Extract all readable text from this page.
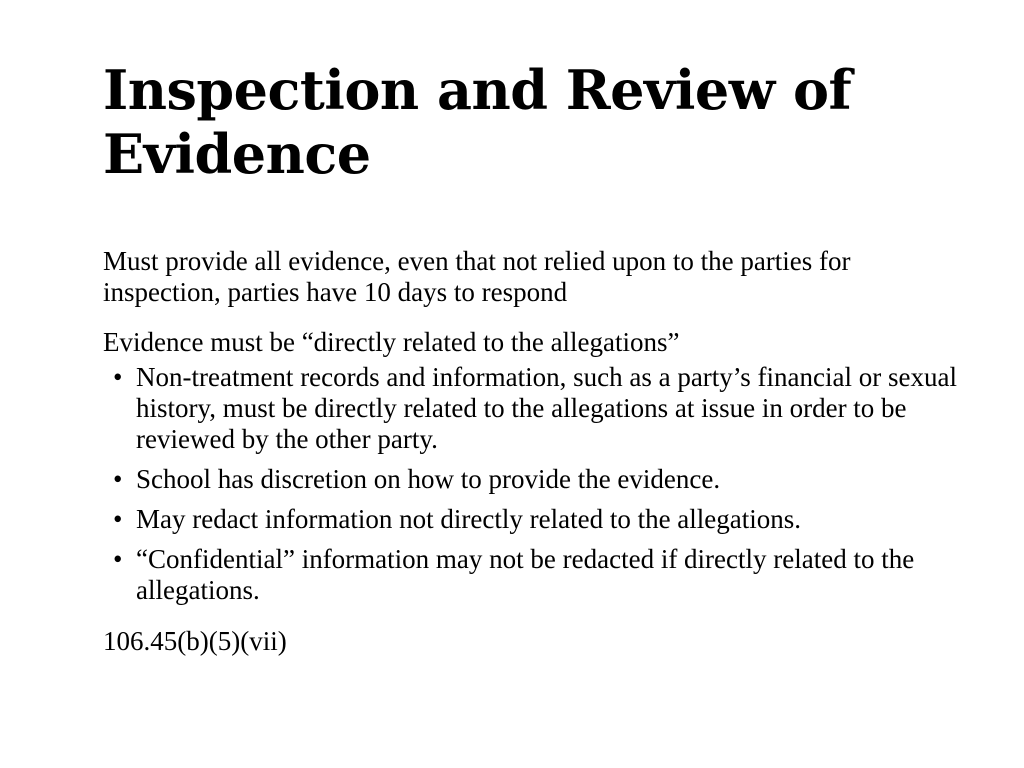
Inspection and Review of Evidence

Must provide all evidence, even that not relied upon to the parties for inspection, parties have 10 days to respond

Evidence must be “directly related to the allegations”

• Non-treatment records and information, such as a party’s financial or sexual history, must be directly related to the allegations at issue in order to be reviewed by the other party.
• School has discretion on how to provide the evidence.
• May redact information not directly related to the allegations.
• “Confidential” information may not be redacted if directly related to the allegations.

106.45(b)(5)(vii)
